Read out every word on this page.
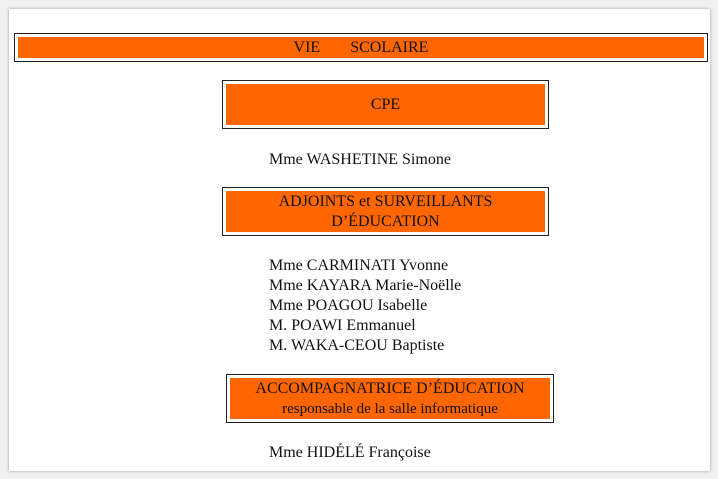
VIE   SCOLAIRE
CPE
Mme WASHETINE Simone
ADJOINTS et SURVEILLANTS
D’ÉDUCATION
Mme CARMINATI Yvonne
Mme KAYARA Marie-Noëlle
Mme POAGOU Isabelle
M. POAWI Emmanuel
M. WAKA-CEOU Baptiste
ACCOMPAGNATRICE D’ÉDUCATION
responsable de la salle informatique
Mme HIDÉLÉ Françoise
